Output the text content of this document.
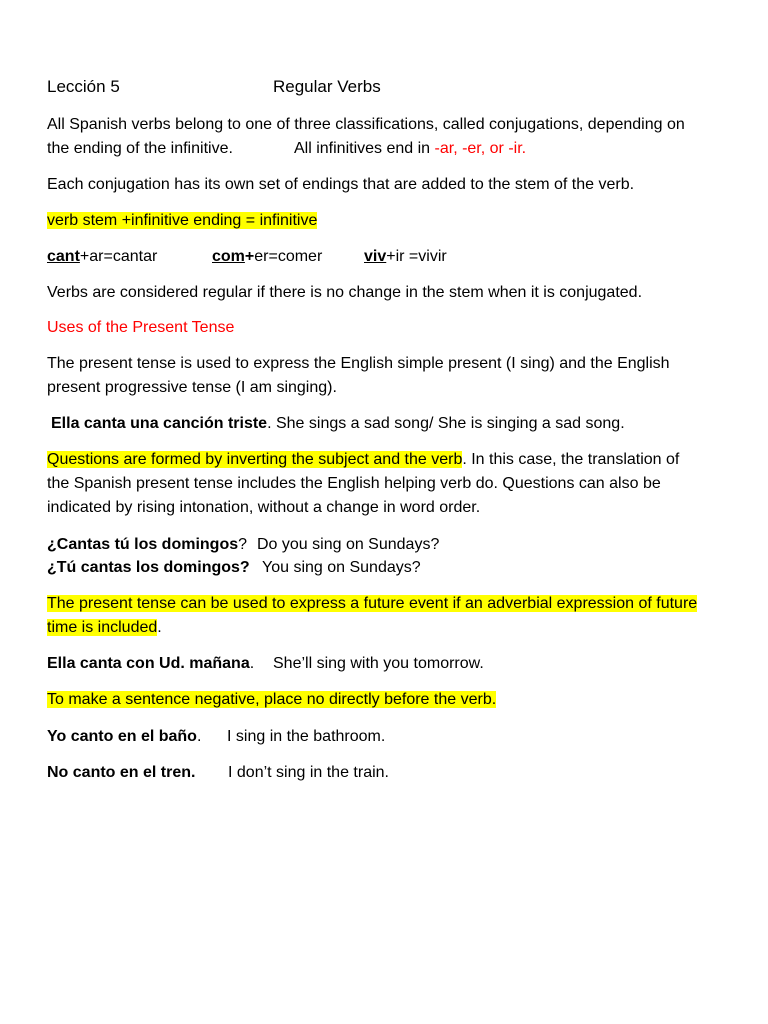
Lección 5	Regular Verbs
All Spanish verbs belong to one of three classifications, called conjugations, depending on
the ending of the infinitive.	All infinitives end in -ar, -er, or -ir.
Each conjugation has its own set of endings that are added to the stem of the verb.
verb stem +infinitive ending = infinitive
cant+ar=cantar	com+er=comer	viv+ir =vivir
Verbs are considered regular if there is no change in the stem when it is conjugated.
Uses of the Present Tense
The present tense is used to express the English simple present (I sing) and the English
present progressive tense (I am singing).
Ella canta una canción triste. She sings a sad song/ She is singing a sad song.
Questions are formed by inverting the subject and the verb. In this case, the translation of
the Spanish present tense includes the English helping verb do. Questions can also be
indicated by rising intonation, without a change in word order.
¿Cantas tú los domingos? Do you sing on Sundays?
¿Tú cantas los domingos? You sing on Sundays?
The present tense can be used to express a future event if an adverbial expression of future
time is included.
Ella canta con Ud. mañana. She’ll sing with you tomorrow.
To make a sentence negative, place no directly before the verb.
Yo canto en el baño. I sing in the bathroom.
No canto en el tren. I don’t sing in the train.
